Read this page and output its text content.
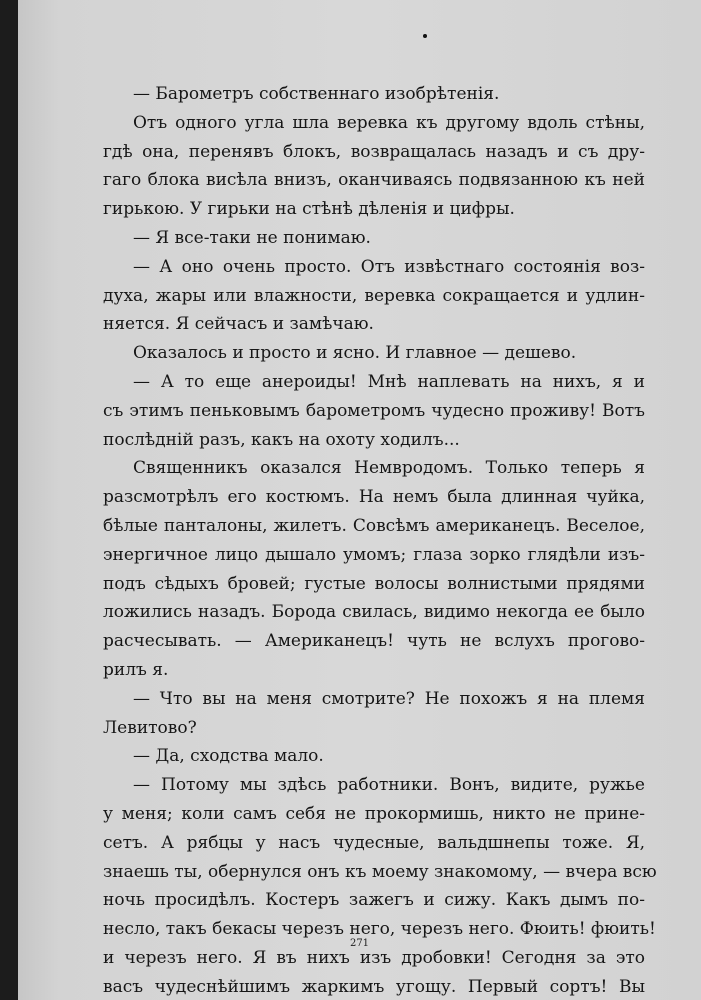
— Барометръ собственнаго изобрѣтенія.
Отъ одного угла шла веревка къ другому вдоль стѣны,
гдѣ она, перенявъ блокъ, возвращалась назадъ и съ дру-
гаго блока висѣла внизъ, оканчиваясь подвязанною къ ней
гирькою. У гирьки на стѣнѣ дѣленія и цифры.
— Я все-таки не понимаю.
— А оно очень просто. Отъ извѣстнаго состоянія воз-
духа, жары или влажности, веревка сокращается и удлин-
няется. Я сейчасъ и замѣчаю.
Оказалось и просто и ясно. И главное — дешево.
— А то еще анероиды! Мнѣ наплевать на нихъ, я и
съ этимъ пеньковымъ барометромъ чудесно проживу! Вотъ
послѣдній разъ, какъ на охоту ходилъ...
Священникъ оказался Немвродомъ. Только теперь я
разсмотрѣлъ его костюмъ. На немъ была длинная чуйка,
бѣлые панталоны, жилетъ. Совсѣмъ американецъ. Веселое,
энергичное лицо дышало умомъ; глаза зорко глядѣли изъ-
подъ сѣдыхъ бровей; густые волосы волнистыми прядями
ложились назадъ. Борода свилась, видимо некогда ее было
расчесывать. — Американецъ! чуть не вслухъ прогово-
рилъ я.
— Что вы на меня смотрите? Не похожъ я на племя
Левитово?
— Да, сходства мало.
— Потому мы здѣсь работники. Вонъ, видите, ружье
у меня; коли самъ себя не прокормишь, никто не прине-
сетъ. А рябцы у насъ чудесные, вальдшнепы тоже. Я,
знаешь ты, обернулся онъ къ моему знакомому, — вчера всю
ночь просидѣлъ. Костеръ зажегъ и сижу. Какъ дымъ по-
несло, такъ бекасы черезъ него, черезъ него. Фюить! фюить!
и черезъ него. Я въ нихъ изъ дробовки! Сегодня за это
васъ чудеснѣйшимъ жаркимъ угощу. Первый сортъ! Вы
271
